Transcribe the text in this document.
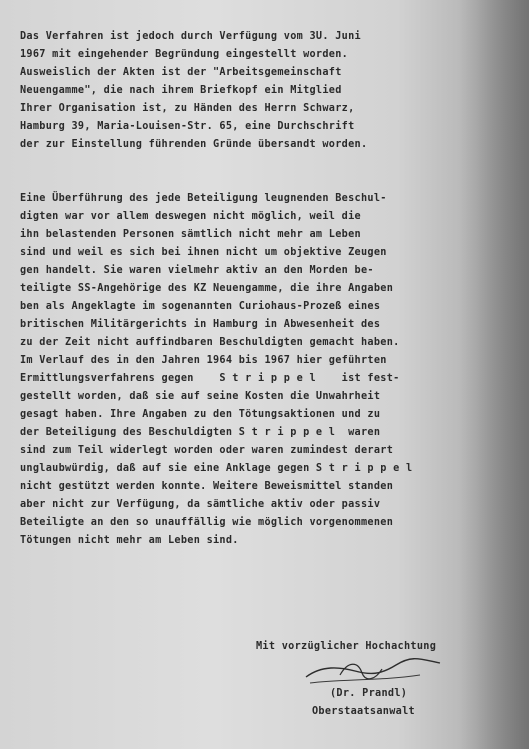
Das Verfahren ist jedoch durch Verfügung vom 3U. Juni
1967 mit eingehender Begründung eingestellt worden.
Ausweislich der Akten ist der "Arbeitsgemeinschaft
Neuengamme", die nach ihrem Briefkopf ein Mitglied
Ihrer Organisation ist, zu Händen des Herrn Schwarz,
Hamburg 39, Maria-Louisen-Str. 65, eine Durchschrift
der zur Einstellung führenden Gründe übersandt worden.
Eine Überführung des jede Beteiligung leugnenden Beschul-
digten war vor allem deswegen nicht möglich, weil die
ihn belastenden Personen sämtlich nicht mehr am Leben
sind und weil es sich bei ihnen nicht um objektive Zeugen
gen handelt. Sie waren vielmehr aktiv an den Morden be-
teiligte SS-Angehörige des KZ Neuengamme, die ihre Angaben
ben als Angeklagte im sogenannten Curiohaus-Prozeß eines
britischen Militärgerichts in Hamburg in Abwesenheit des
zu der Zeit nicht auffindbaren Beschuldigten gemacht haben.
Im Verlauf des in den Jahren 1964 bis 1967 hier geführten
Ermittlungsverfahrens gegen    S t r i p p e l    ist fest-
gestellt worden, daß sie auf seine Kosten die Unwahrheit
gesagt haben. Ihre Angaben zu den Tötungsaktionen und zu
der Beteiligung des Beschuldigten S t r i p p e l  waren
sind zum Teil widerlegt worden oder waren zumindest derart
unglaubwürdig, daß auf sie eine Anklage gegen S t r i p p e l
nicht gestützt werden konnte. Weitere Beweismittel standen
aber nicht zur Verfügung, da sämtliche aktiv oder passiv
Beteiligte an den so unauffällig wie möglich vorgenommenen
Tötungen nicht mehr am Leben sind.
Mit vorzüglicher Hochachtung
(Dr. Prandl)
Oberstaatsanwalt
